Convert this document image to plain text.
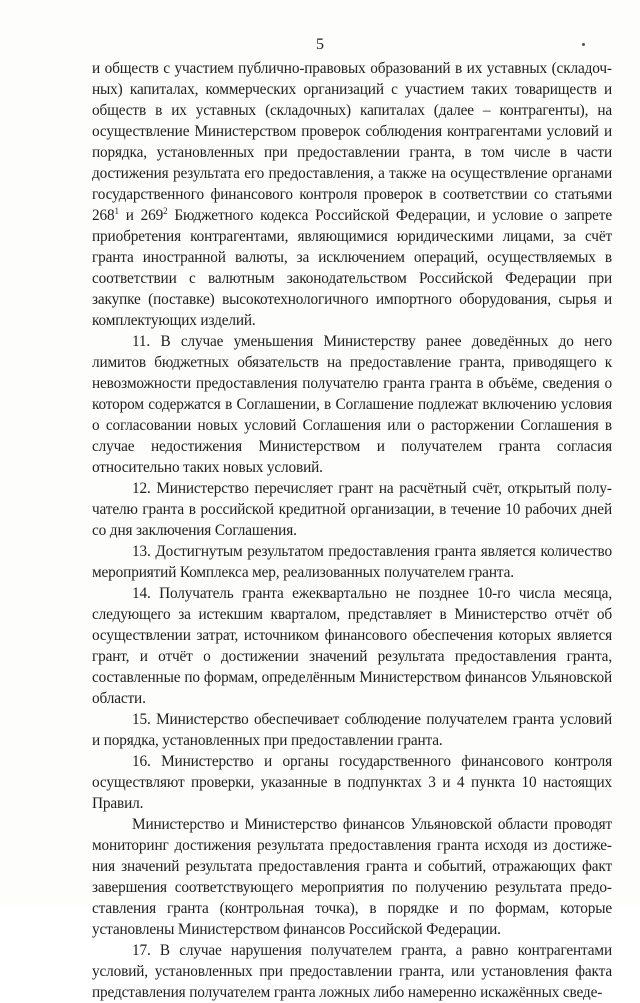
5

и обществ с участием публично-правовых образований в их уставных (складочных) капиталах, коммерческих организаций с участием таких товариществ и обществ в их уставных (складочных) капиталах (далее – контрагенты), на осуществление Министерством проверок соблюдения контрагентами условий и порядка, установленных при предоставлении гранта, в том числе в части достижения результата его предоставления, а также на осуществление органами государственного финансового контроля проверок в соответствии со статьями $268^1$ и $269^2$ Бюджетного кодекса Российской Федерации, и условие о запрете приобретения контрагентами, являющимися юридическими лицами, за счёт гранта иностранной валюты, за исключением операций, осуществляемых в соответствии с валютным законодательством Российской Федерации при закупке (поставке) высокотехнологичного импортного оборудования, сырья и комплектующих изделий.

11. В случае уменьшения Министерству ранее доведённых до него лимитов бюджетных обязательств на предоставление гранта, приводящего к невозможности предоставления получателю гранта гранта в объёме, сведения о котором содержатся в Соглашении, в Соглашение подлежат включению условия о согласовании новых условий Соглашения или о расторжении Соглашения в случае недостижения Министерством и получателем гранта согласия относительно таких новых условий.

12. Министерство перечисляет грант на расчётный счёт, открытый получателю гранта в российской кредитной организации, в течение 10 рабочих дней со дня заключения Соглашения.

13. Достигнутым результатом предоставления гранта является количество мероприятий Комплекса мер, реализованных получателем гранта.

14. Получатель гранта ежеквартально не позднее 10-го числа месяца, следующего за истекшим кварталом, представляет в Министерство отчёт об осуществлении затрат, источником финансового обеспечения которых является грант, и отчёт о достижении значений результата предоставления гранта, составленные по формам, определённым Министерством финансов Ульяновской области.

15. Министерство обеспечивает соблюдение получателем гранта условий и порядка, установленных при предоставлении гранта.

16. Министерство и органы государственного финансового контроля осуществляют проверки, указанные в подпунктах 3 и 4 пункта 10 настоящих Правил.

Министерство и Министерство финансов Ульяновской области проводят мониторинг достижения результата предоставления гранта исходя из достижения значений результата предоставления гранта и событий, отражающих факт завершения соответствующего мероприятия по получению результата предоставления гранта (контрольная точка), в порядке и по формам, которые установлены Министерством финансов Российской Федерации.

17. В случае нарушения получателем гранта, а равно контрагентами условий, установленных при предоставлении гранта, или установления факта представления получателем гранта ложных либо намеренно искажённых сведе-
